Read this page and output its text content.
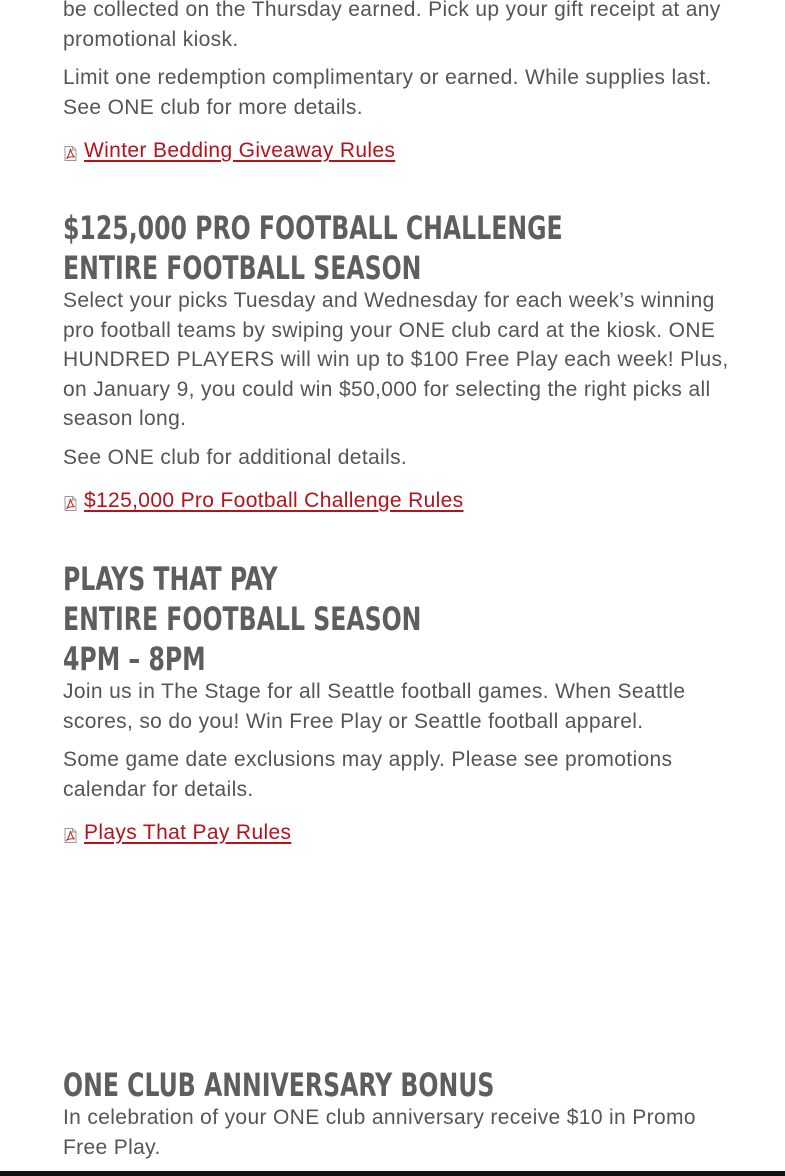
be collected on the Thursday earned. Pick up your gift receipt at any promotional kiosk.

Limit one redemption complimentary or earned. While supplies last. See ONE club for more details.

Winter Bedding Giveaway Rules
$125,000 PRO FOOTBALL CHALLENGE
ENTIRE FOOTBALL SEASON

Select your picks Tuesday and Wednesday for each week’s winning pro football teams by swiping your ONE club card at the kiosk. ONE HUNDRED PLAYERS will win up to $100 Free Play each week! Plus, on January 9, you could win $50,000 for selecting the right picks all season long.

See ONE club for additional details.

$125,000 Pro Football Challenge Rules
PLAYS THAT PAY
ENTIRE FOOTBALL SEASON
4PM – 8PM

Join us in The Stage for all Seattle football games. When Seattle scores, so do you! Win Free Play or Seattle football apparel.

Some game date exclusions may apply. Please see promotions calendar for details.

Plays That Pay Rules
ONE CLUB ANNIVERSARY BONUS

In celebration of your ONE club anniversary receive $10 in Promo Free Play.
